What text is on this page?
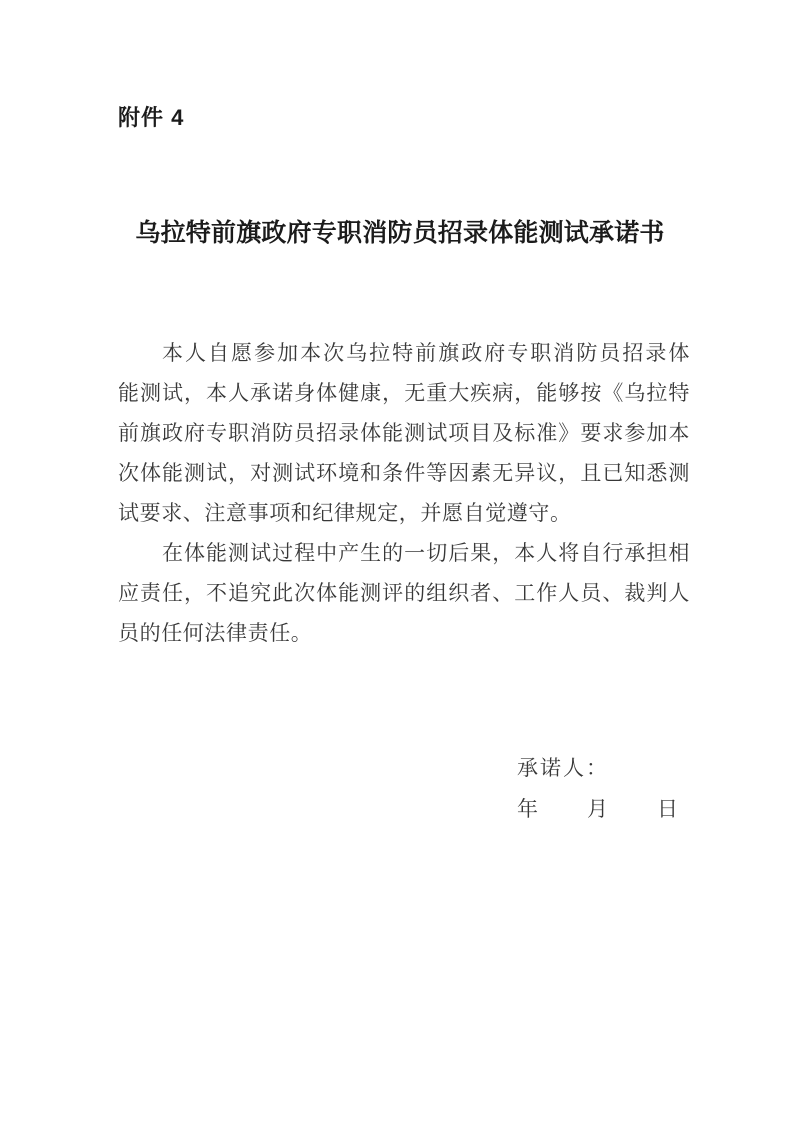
附件 4
乌拉特前旗政府专职消防员招录体能测试承诺书
本人自愿参加本次乌拉特前旗政府专职消防员招录体
能测试，本人承诺身体健康，无重大疾病，能够按《乌拉特
前旗政府专职消防员招录体能测试项目及标准》要求参加本
次体能测试，对测试环境和条件等因素无异议，且已知悉测
试要求、注意事项和纪律规定，并愿自觉遵守。
在体能测试过程中产生的一切后果，本人将自行承担相
应责任，不追究此次体能测评的组织者、工作人员、裁判人
员的任何法律责任。
承诺人：
年 月 日
